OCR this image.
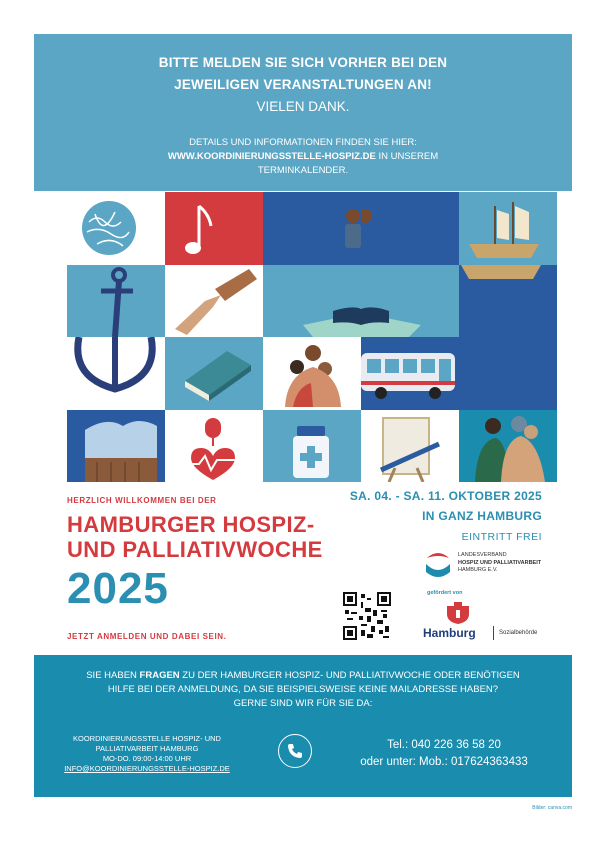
BITTE MELDEN SIE SICH VORHER BEI DEN
JEWEILIGEN VERANSTALTUNGEN AN!
VIELEN DANK.
DETAILS UND INFORMATIONEN FINDEN SIE HIER:
WWW.KOORDINIERUNGSSTELLE-HOSPIZ.DE IN UNSEREM
TERMINKALENDER.
HERZLICH WILLKOMMEN BEI DER
HAMBURGER HOSPIZ-
UND PALLIATIVWOCHE
2025
JETZT ANMELDEN UND DABEI SEIN.
SA. 04. - SA. 11. OKTOBER 2025
IN GANZ HAMBURG
EINTRITT FREI
LANDESVERBAND
HOSPIZ UND PALLIATIVARBEIT
HAMBURG E.V.
gefördert von
Hamburg	Sozialbehörde
SIE HABEN FRAGEN ZU DER HAMBURGER HOSPIZ- UND PALLIATIVWOCHE ODER BENÖTIGEN
HILFE BEI DER ANMELDUNG, DA SIE BEISPIELSWEISE KEINE MAILADRESSE HABEN?
GERNE SIND WIR FÜR SIE DA:
KOORDINIERUNGSSTELLE HOSPIZ- UND
PALLIATIVARBEIT HAMBURG
MO-DO. 09:00-14:00 UHR
INFO@KOORDINIERUNGSSTELLE-HOSPIZ.DE
Tel.: 040 226 36 58 20
oder unter: Mob.: 017624363433
Bilder: canva.com
